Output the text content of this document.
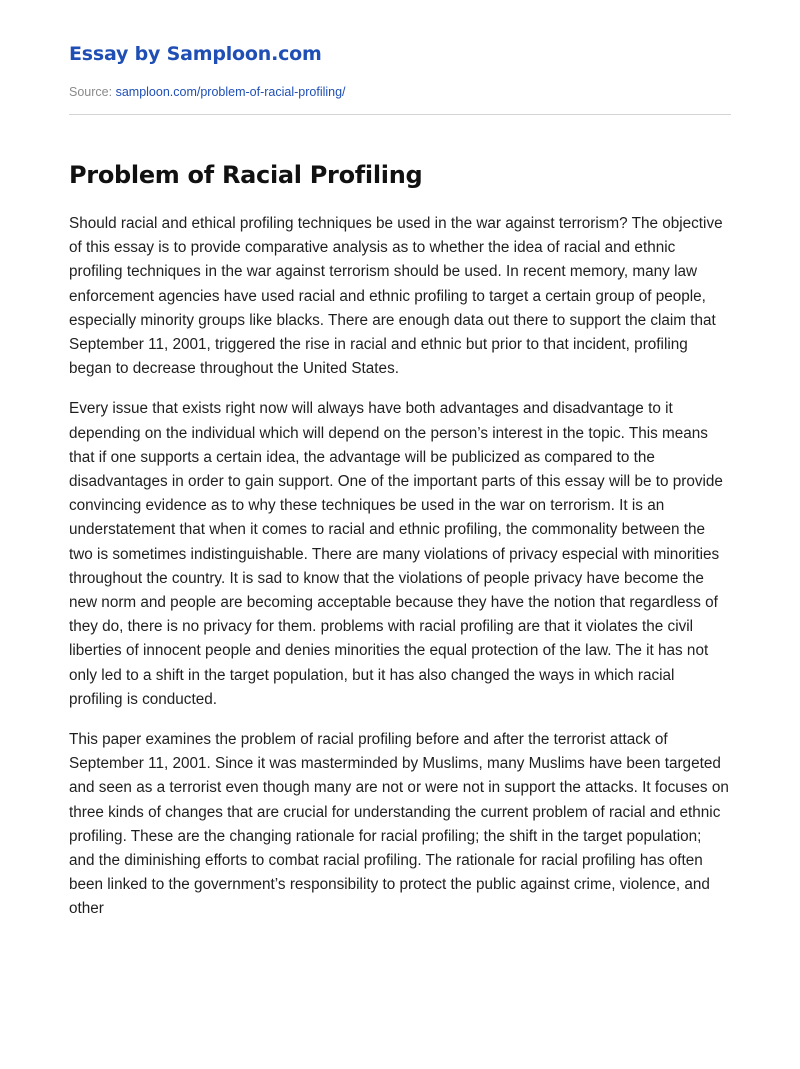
Essay by Samploon.com
Source: samploon.com/problem-of-racial-profiling/
Problem of Racial Profiling

Should racial and ethical profiling techniques be used in the war against terrorism? The objective of this essay is to provide comparative analysis as to whether the idea of racial and ethnic profiling techniques in the war against terrorism should be used. In recent memory, many law enforcement agencies have used racial and ethnic profiling to target a certain group of people, especially minority groups like blacks. There are enough data out there to support the claim that September 11, 2001, triggered the rise in racial and ethnic but prior to that incident, profiling began to decrease throughout the United States.

Every issue that exists right now will always have both advantages and disadvantage to it depending on the individual which will depend on the person’s interest in the topic. This means that if one supports a certain idea, the advantage will be publicized as compared to the disadvantages in order to gain support. One of the important parts of this essay will be to provide convincing evidence as to why these techniques be used in the war on terrorism. It is an understatement that when it comes to racial and ethnic profiling, the commonality between the two is sometimes indistinguishable. There are many violations of privacy especial with minorities throughout the country. It is sad to know that the violations of people privacy have become the new norm and people are becoming acceptable because they have the notion that regardless of they do, there is no privacy for them. problems with racial profiling are that it violates the civil liberties of innocent people and denies minorities the equal protection of the law. The it has not only led to a shift in the target population, but it has also changed the ways in which racial profiling is conducted.

This paper examines the problem of racial profiling before and after the terrorist attack of September 11, 2001. Since it was masterminded by Muslims, many Muslims have been targeted and seen as a terrorist even though many are not or were not in support the attacks. It focuses on three kinds of changes that are crucial for understanding the current problem of racial and ethnic profiling. These are the changing rationale for racial profiling; the shift in the target population; and the diminishing efforts to combat racial profiling. The rationale for racial profiling has often been linked to the government’s responsibility to protect the public against crime, violence, and other
